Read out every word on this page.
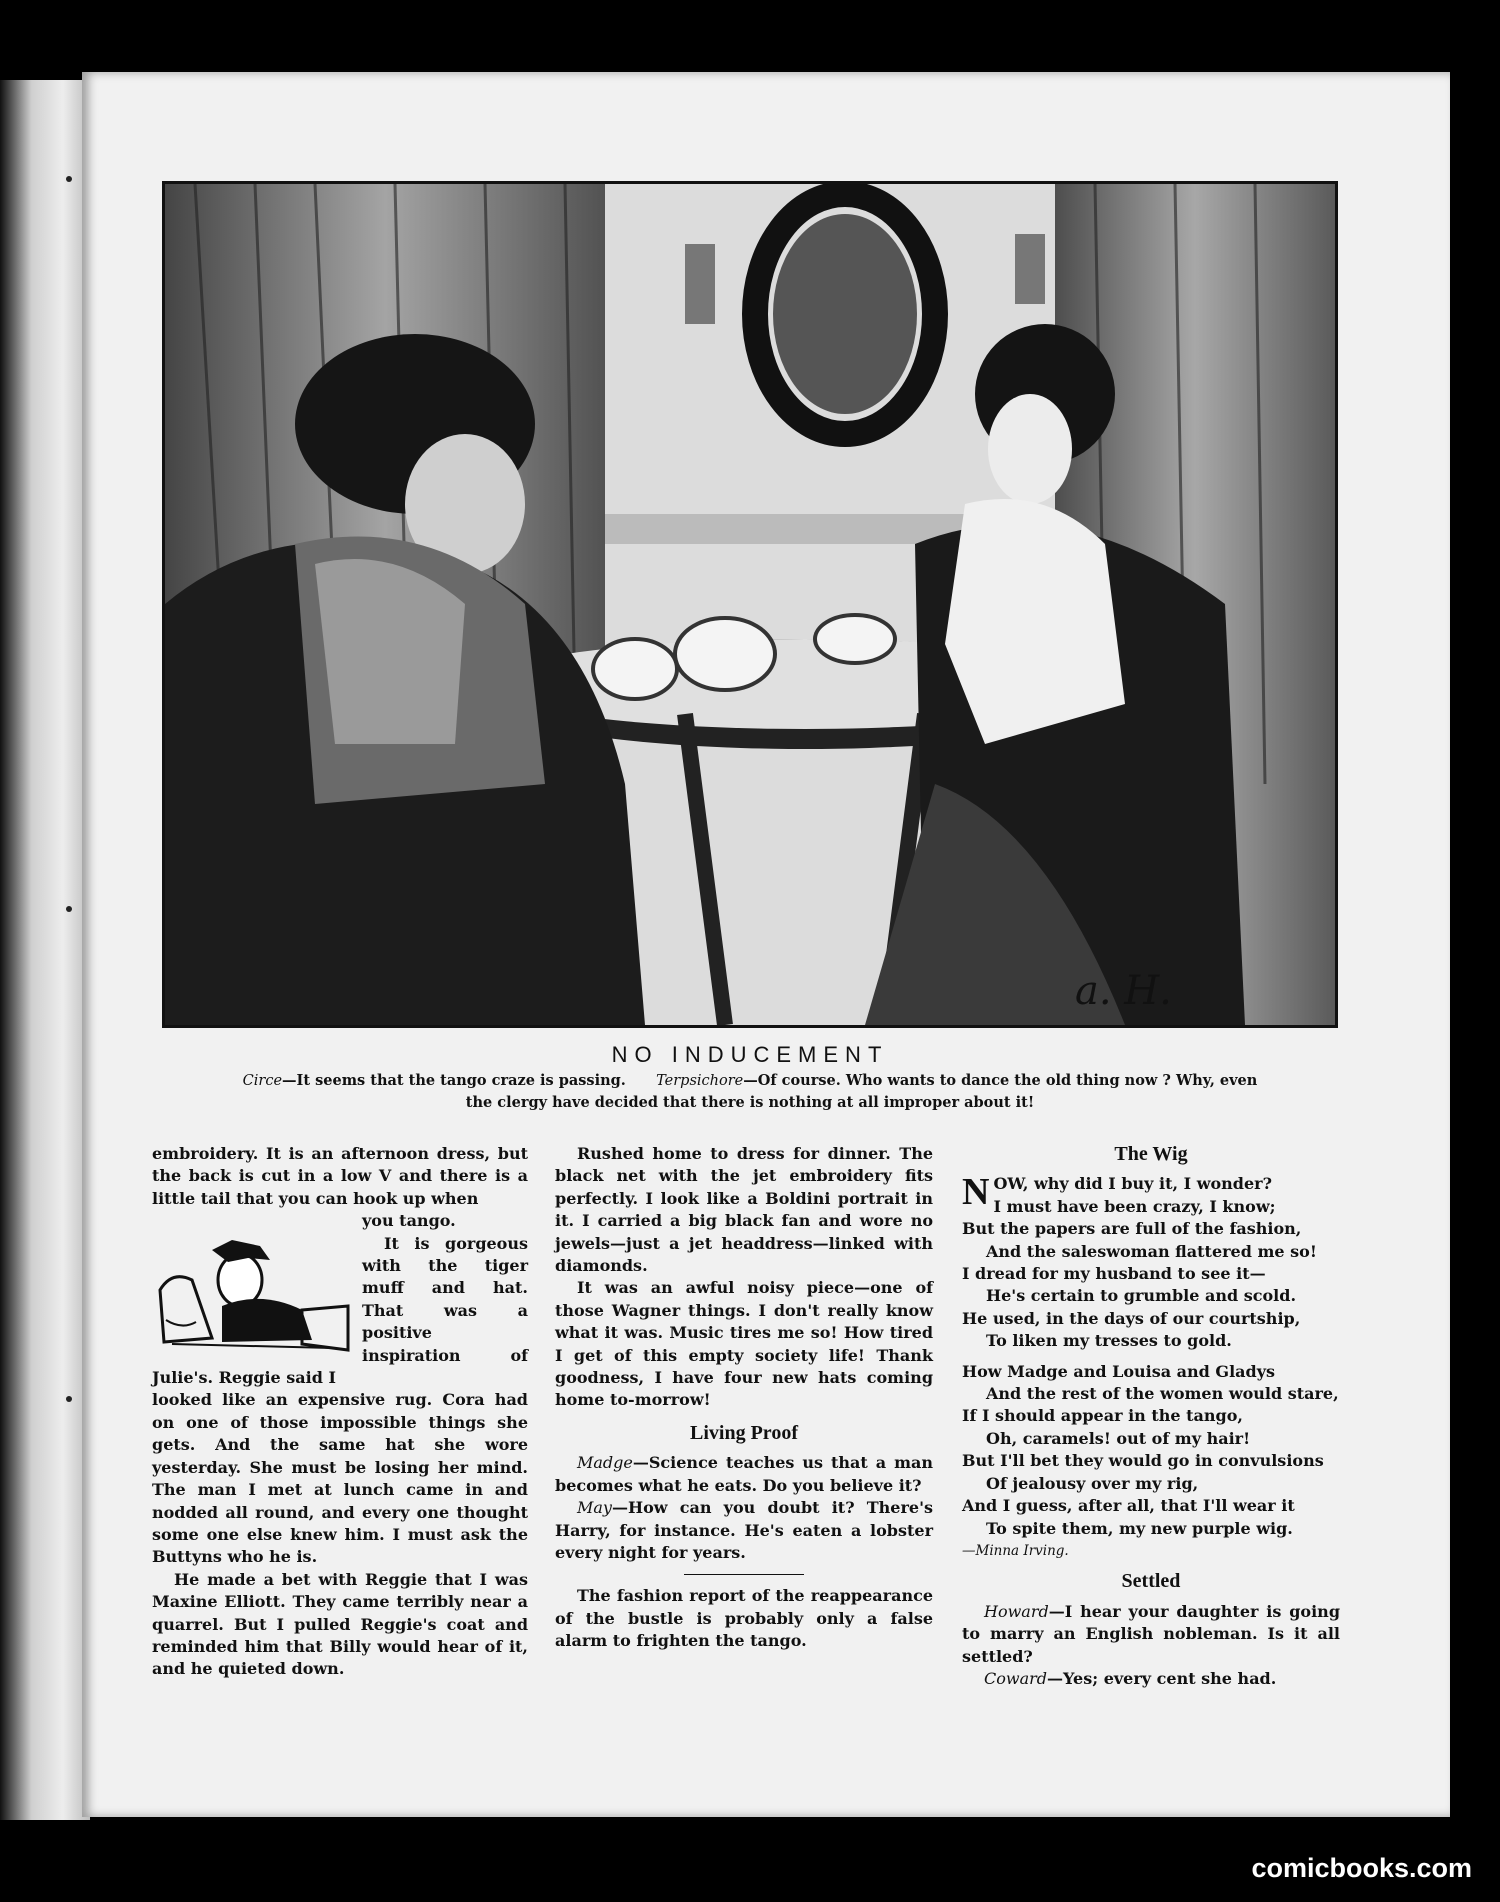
a. H.
NO INDUCEMENT
Circe—It seems that the tango craze is passing. Terpsichore—Of course. Who wants to dance the old thing now ? Why, even
the clergy have decided that there is nothing at all improper about it!

embroidery. It is an afternoon dress, but the back is cut in a low V and there is a little tail that you can hook up when

you tango.

It is gorgeous with the tiger muff and hat. That was a positive inspiration of Julie's. Reggie said I

looked like an expensive rug. Cora had on one of those impossible things she gets. And the same hat she wore yesterday. She must be losing her mind. The man I met at lunch came in and nodded all round, and every one thought some one else knew him. I must ask the Buttyns who he is.

He made a bet with Reggie that I was Maxine Elliott. They came terribly near a quarrel. But I pulled Reggie's coat and reminded him that Billy would hear of it, and he quieted down.

Rushed home to dress for dinner. The black net with the jet embroidery fits perfectly. I look like a Boldini portrait in it. I carried a big black fan and wore no jewels—just a jet headdress—linked with diamonds.

It was an awful noisy piece—one of those Wagner things. I don't really know what it was. Music tires me so! How tired I get of this empty society life! Thank goodness, I have four new hats coming home to-morrow!

Living Proof

Madge—Science teaches us that a man becomes what he eats. Do you believe it?

May—How can you doubt it? There's Harry, for instance. He's eaten a lobster every night for years.

The fashion report of the reappearance of the bustle is probably only a false alarm to frighten the tango.

The Wig

NOW, why did I buy it, I wonder?

I must have been crazy, I know;

But the papers are full of the fashion,

And the saleswoman flattered me so!

I dread for my husband to see it—

He's certain to grumble and scold.

He used, in the days of our courtship,

To liken my tresses to gold.

How Madge and Louisa and Gladys

And the rest of the women would stare,

If I should appear in the tango,

Oh, caramels! out of my hair!

But I'll bet they would go in convulsions

Of jealousy over my rig,

And I guess, after all, that I'll wear it

To spite them, my new purple wig.

—Minna Irving.

Settled

Howard—I hear your daughter is going to marry an English nobleman. Is it all settled?

Coward—Yes; every cent she had.

comicbooks.com
